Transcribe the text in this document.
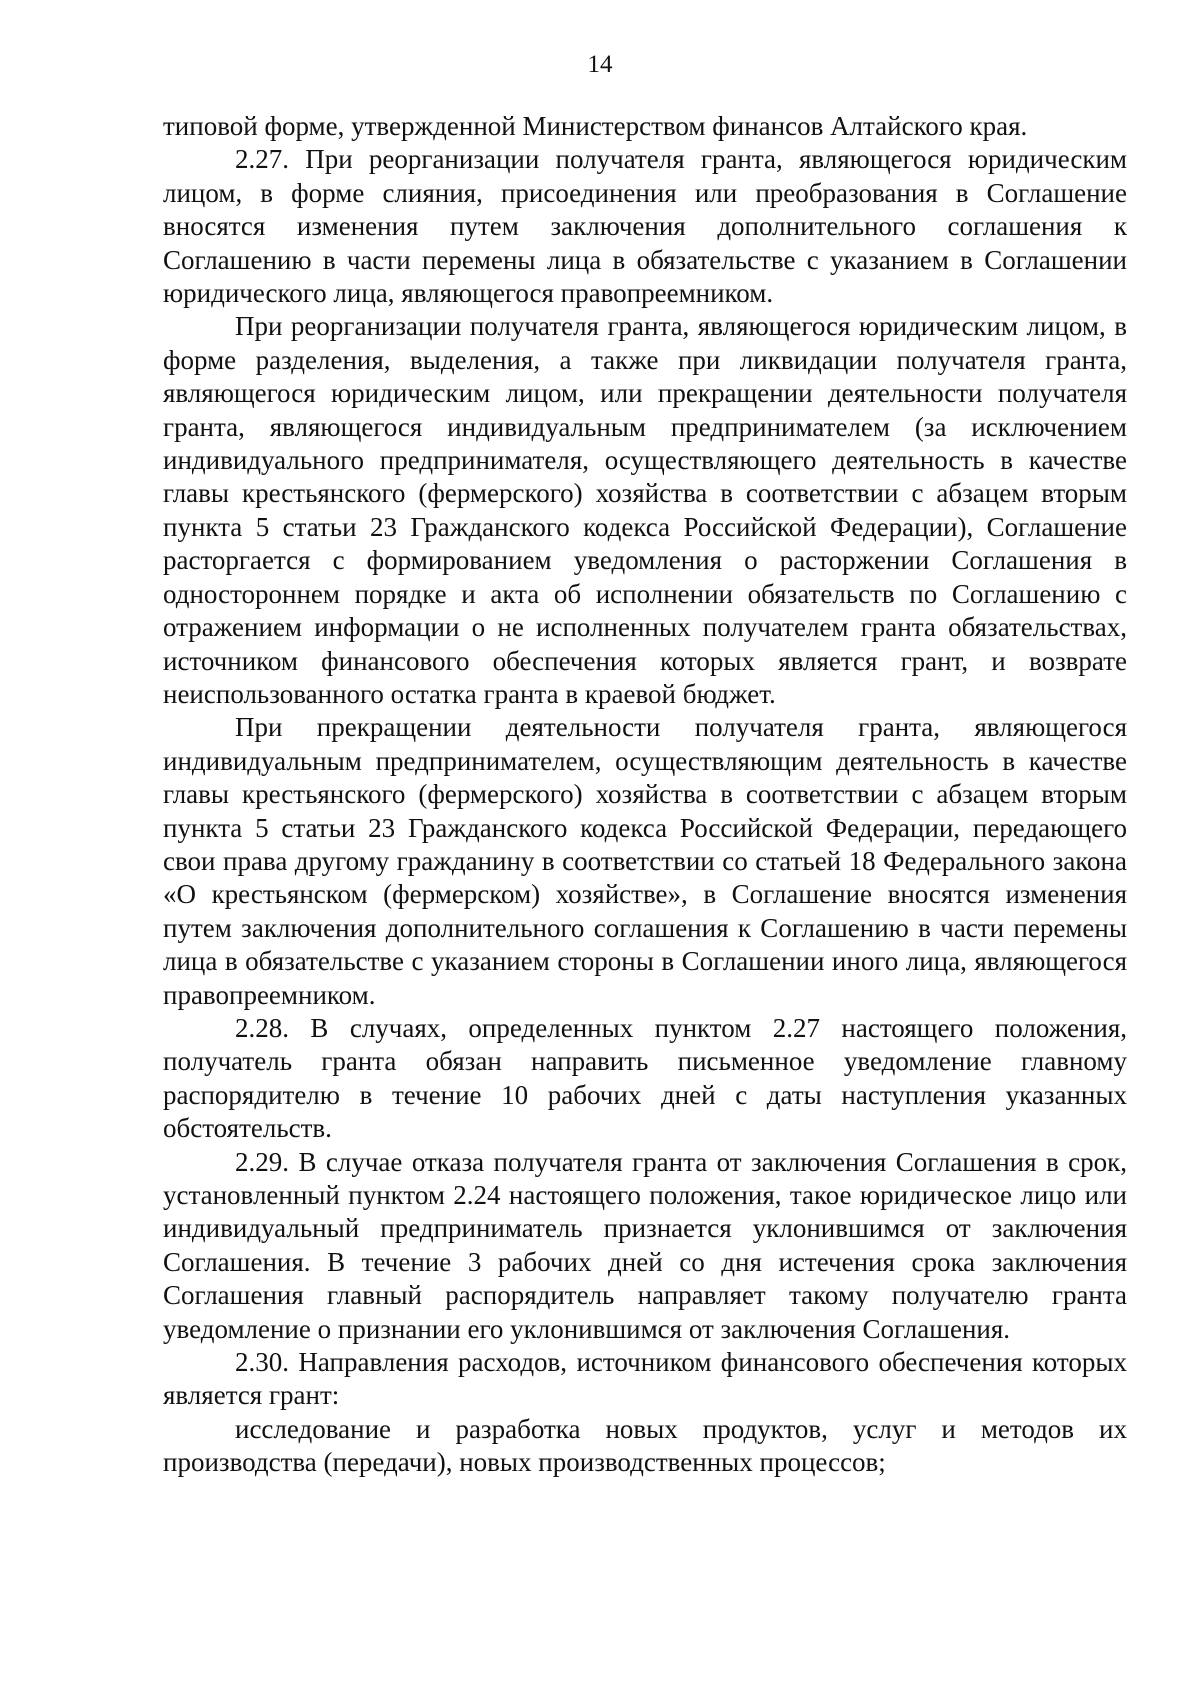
14

типовой форме, утвержденной Министерством финансов Алтайского края.

2.27. При реорганизации получателя гранта, являющегося юридическим лицом, в форме слияния, присоединения или преобразования в Соглашение вносятся изменения путем заключения дополнительного соглашения к Соглашению в части перемены лица в обязательстве с указанием в Соглашении юридического лица, являющегося правопреемником.

При реорганизации получателя гранта, являющегося юридическим лицом, в форме разделения, выделения, а также при ликвидации получателя гранта, являющегося юридическим лицом, или прекращении деятельности получателя гранта, являющегося индивидуальным предпринимателем (за исключением индивидуального предпринимателя, осуществляющего деятельность в качестве главы крестьянского (фермерского) хозяйства в соответствии с абзацем вторым пункта 5 статьи 23 Гражданского кодекса Российской Федерации), Соглашение расторгается с формированием уведомления о расторжении Соглашения в одностороннем порядке и акта об исполнении обязательств по Соглашению с отражением информации о не исполненных получателем гранта обязательствах, источником финансового обеспечения которых является грант, и возврате неиспользованного остатка гранта в краевой бюджет.

При прекращении деятельности получателя гранта, являющегося индивидуальным предпринимателем, осуществляющим деятельность в качестве главы крестьянского (фермерского) хозяйства в соответствии с абзацем вторым пункта 5 статьи 23 Гражданского кодекса Российской Федерации, передающего свои права другому гражданину в соответствии со статьей 18 Федерального закона «О крестьянском (фермерском) хозяйстве», в Соглашение вносятся изменения путем заключения дополнительного соглашения к Соглашению в части перемены лица в обязательстве с указанием стороны в Соглашении иного лица, являющегося правопреемником.

2.28. В случаях, определенных пунктом 2.27 настоящего положения, получатель гранта обязан направить письменное уведомление главному распорядителю в течение 10 рабочих дней с даты наступления указанных обстоятельств.

2.29. В случае отказа получателя гранта от заключения Соглашения в срок, установленный пунктом 2.24 настоящего положения, такое юридическое лицо или индивидуальный предприниматель признается уклонившимся от заключения Соглашения. В течение 3 рабочих дней со дня истечения срока заключения Соглашения главный распорядитель направляет такому получателю гранта уведомление о признании его уклонившимся от заключения Соглашения.

2.30. Направления расходов, источником финансового обеспечения которых является грант:

исследование и разработка новых продуктов, услуг и методов их производства (передачи), новых производственных процессов;
